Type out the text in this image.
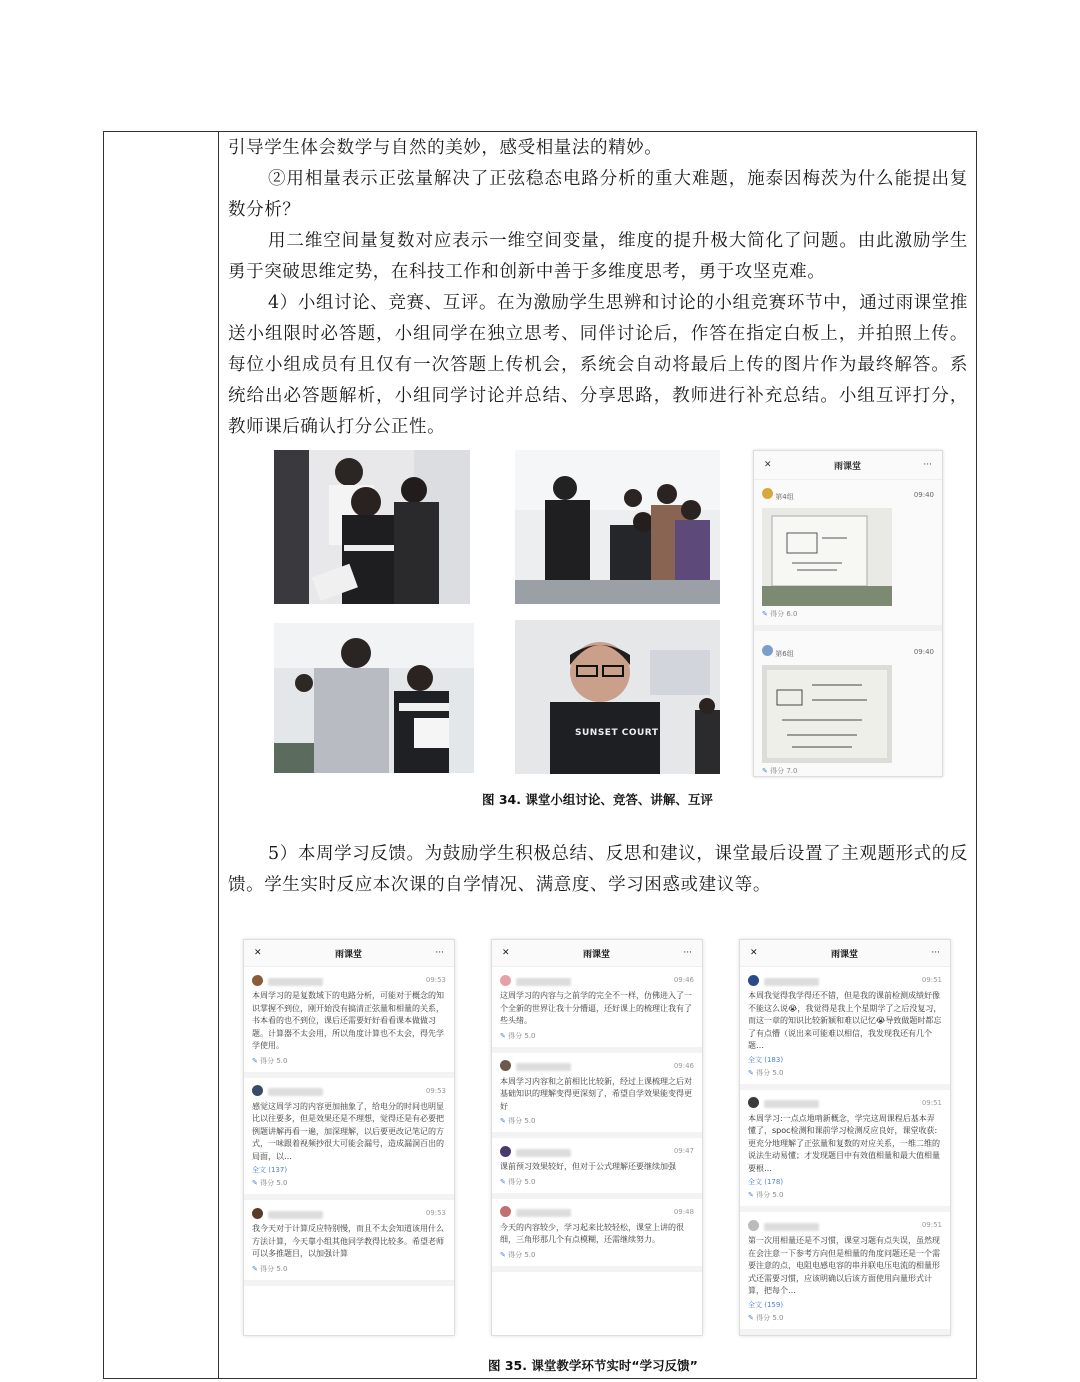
引导学生体会数学与自然的美妙，感受相量法的精妙。

②用相量表示正弦量解决了正弦稳态电路分析的重大难题，施泰因梅茨为什么能提出复数分析？

用二维空间量复数对应表示一维空间变量，维度的提升极大简化了问题。由此激励学生勇于突破思维定势，在科技工作和创新中善于多维度思考，勇于攻坚克难。

4）小组讨论、竞赛、互评。在为激励学生思辨和讨论的小组竞赛环节中，通过雨课堂推送小组限时必答题，小组同学在独立思考、同伴讨论后，作答在指定白板上，并拍照上传。每位小组成员有且仅有一次答题上传机会，系统会自动将最后上传的图片作为最终解答。系统给出必答题解析，小组同学讨论并总结、分享思路，教师进行补充总结。小组互评打分，教师课后确认打分公正性。

SUNSET COURT
✕	雨课堂	···
第4组	09:40
✎ 得分 6.0
第6组	09:40
✎ 得分 7.0
图 34. 课堂小组讨论、竞答、讲解、互评

5）本周学习反馈。为鼓励学生积极总结、反思和建议，课堂最后设置了主观题形式的反馈。学生实时反应本次课的自学情况、满意度、学习困惑或建议等。

✕	雨课堂	···
09:53
本周学习的是复数域下的电路分析，可能对于概念的知识掌握不到位，刚开始没有搞清正弦量和相量的关系，书本看的也不到位，课后还需要好好看看课本做做习题。计算器不太会用，所以角度计算也不太会，得先学学使用。
✎ 得分 5.0
09:53
感觉这周学习的内容更加抽象了，给电分的时间也明显比以往要多，但是效果还是不理想，觉得还是有必要把例题讲解再看一遍，加深理解，以后要更改记笔记的方式，一味跟着视频抄很大可能会漏号，造成漏洞百出的局面，以…
全文 (137)
✎ 得分 5.0
09:53
我今天对于计算反应特别慢，而且不太会知道该用什么方法计算，今天靠小组其他同学教得比较多。希望老师可以多推题目，以加强计算
✎ 得分 5.0
✕	雨课堂	···
09:46
这周学习的内容与之前学的完全不一样，仿佛进入了一个全新的世界让我十分懵逼，还好课上的梳理让我有了些头绪。
✎ 得分 5.0
09:46
本周学习内容和之前相比比较新，经过上课梳理之后对基础知识的理解变得更深刻了，希望自学效果能变得更好
✎ 得分 5.0
09:47
课前预习效果较好，但对于公式理解还要继续加强
✎ 得分 5.0
09:48
今天的内容较少，学习起来比较轻松，课堂上讲的很细，三角形那几个有点模糊，还需继续努力。
✎ 得分 5.0
✕	雨课堂	···
09:51
本周我觉得我学得还不错，但是我的课前检测成绩好像不能这么说😭，我觉得是我上个星期学了之后没复习，而这一章的知识比较新颖和难以记忆😭导致做题时都忘了有点懵（说出来可能难以相信，我发现我还有几个题…
全文 (183)
✎ 得分 5.0
09:51
本周学习:一点点地啃新概念，学完这周课程后基本弄懂了，spoc检测和课前学习检测反应良好，课堂收获:更充分地理解了正弦量和复数的对应关系，一维二维的说法生动易懂；才发现题目中有效值相量和最大值相量要根…
全文 (178)
✎ 得分 5.0
09:51
第一次用相量还是不习惯，课堂习题有点失误，虽然现在会注意一下参考方向但是相量的角度问题还是一个需要注意的点，电阻电感电容的串并联电压电流的相量形式还需要习惯，应该明确以后该方面使用向量形式计算，把每个…
全文 (159)
✎ 得分 5.0
图 35. 课堂教学环节实时“学习反馈”
